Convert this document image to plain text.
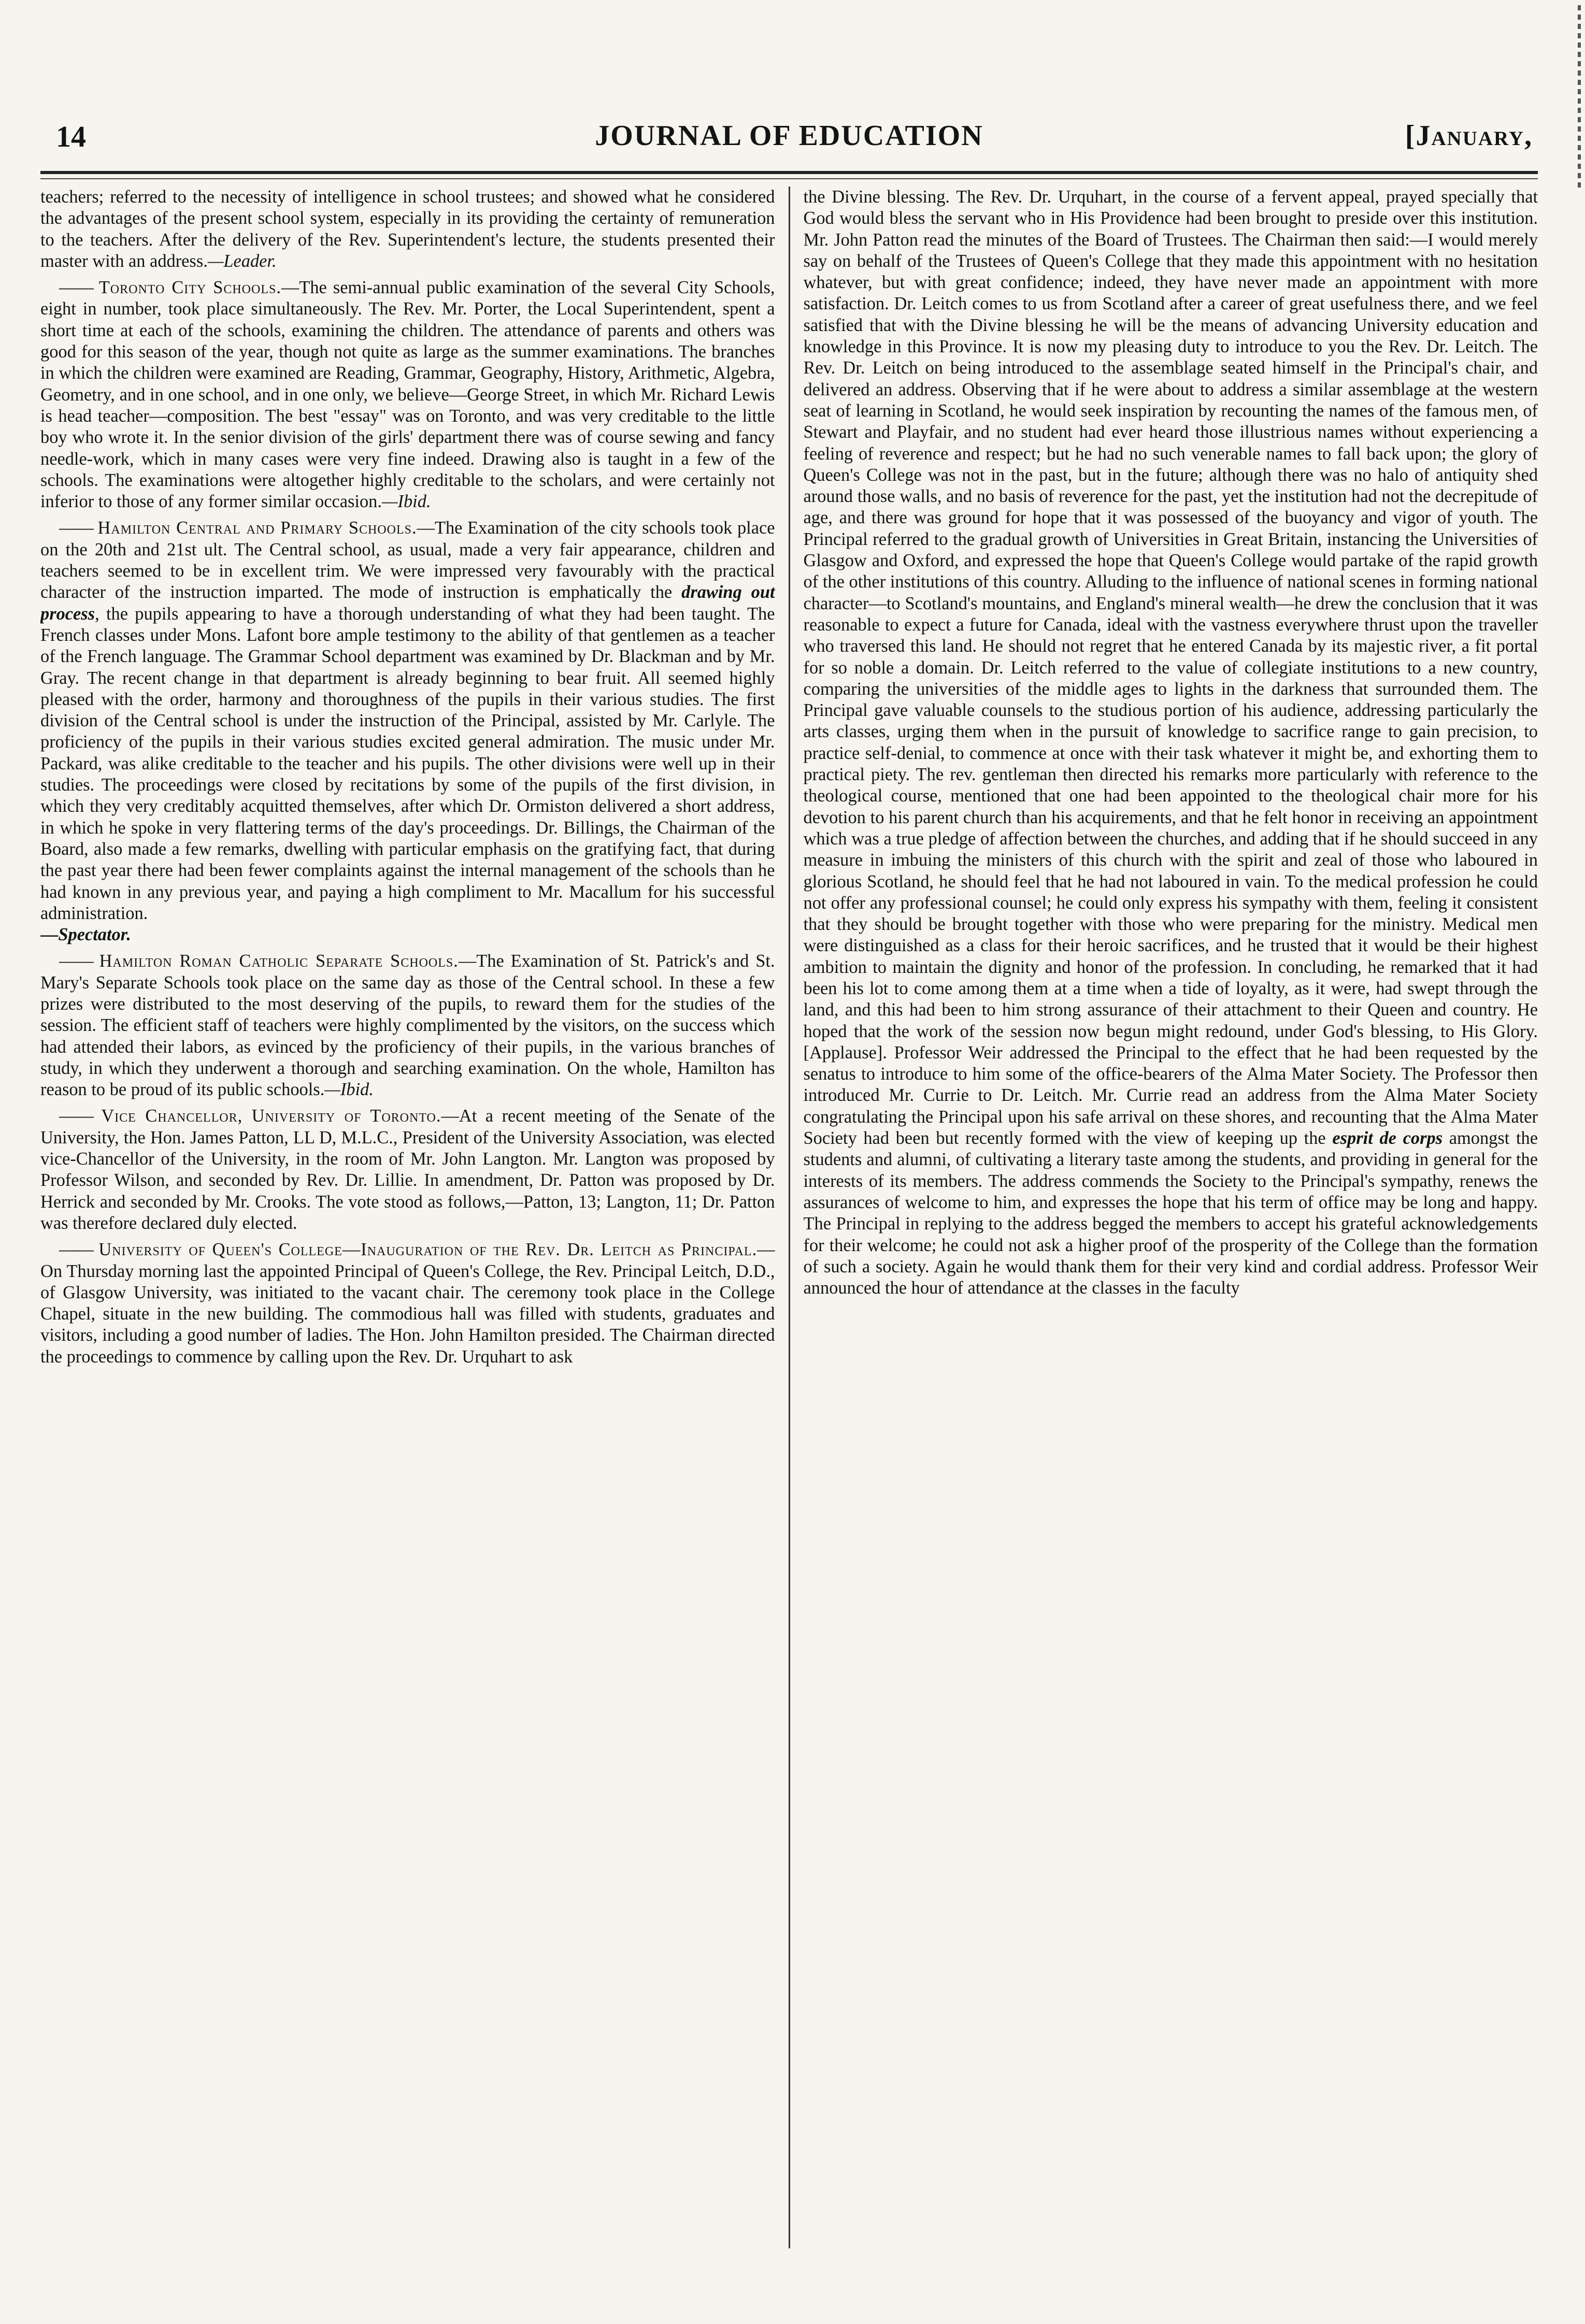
14	JOURNAL OF EDUCATION	[January,

teachers; referred to the necessity of intelligence in school trustees; and showed what he considered the advantages of the present school system, especially in its providing the certainty of remuneration to the teachers. After the delivery of the Rev. Superintendent's lecture, the students presented their master with an address.—Leader.

—— Toronto City Schools.—The semi-annual public examination of the several City Schools, eight in number, took place simultaneously. The Rev. Mr. Porter, the Local Superintendent, spent a short time at each of the schools, examining the children. The attendance of parents and others was good for this season of the year, though not quite as large as the summer examinations. The branches in which the children were examined are Reading, Grammar, Geography, History, Arithmetic, Algebra, Geometry, and in one school, and in one only, we believe—George Street, in which Mr. Richard Lewis is head teacher—composition. The best "essay" was on Toronto, and was very creditable to the little boy who wrote it. In the senior division of the girls' department there was of course sewing and fancy needle-work, which in many cases were very fine indeed. Drawing also is taught in a few of the schools. The examinations were altogether highly creditable to the scholars, and were certainly not inferior to those of any former similar occasion.—Ibid.

—— Hamilton Central and Primary Schools.—The Examination of the city schools took place on the 20th and 21st ult. The Central school, as usual, made a very fair appearance, children and teachers seemed to be in excellent trim. We were impressed very favourably with the practical character of the instruction imparted. The mode of instruction is emphatically the drawing out process, the pupils appearing to have a thorough understanding of what they had been taught. The French classes under Mons. Lafont bore ample testimony to the ability of that gentlemen as a teacher of the French language. The Grammar School department was examined by Dr. Blackman and by Mr. Gray. The recent change in that department is already beginning to bear fruit. All seemed highly pleased with the order, harmony and thoroughness of the pupils in their various studies. The first division of the Central school is under the instruction of the Principal, assisted by Mr. Carlyle. The proficiency of the pupils in their various studies excited general admiration. The music under Mr. Packard, was alike creditable to the teacher and his pupils. The other divisions were well up in their studies. The proceedings were closed by recitations by some of the pupils of the first division, in which they very creditably acquitted themselves, after which Dr. Ormiston delivered a short address, in which he spoke in very flattering terms of the day's proceedings. Dr. Billings, the Chairman of the Board, also made a few remarks, dwelling with particular emphasis on the gratifying fact, that during the past year there had been fewer complaints against the internal management of the schools than he had known in any previous year, and paying a high compliment to Mr. Macallum for his successful administration.
—Spectator.

—— Hamilton Roman Catholic Separate Schools.—The Examination of St. Patrick's and St. Mary's Separate Schools took place on the same day as those of the Central school. In these a few prizes were distributed to the most deserving of the pupils, to reward them for the studies of the session. The efficient staff of teachers were highly complimented by the visitors, on the success which had attended their labors, as evinced by the proficiency of their pupils, in the various branches of study, in which they underwent a thorough and searching examination. On the whole, Hamilton has reason to be proud of its public schools.—Ibid.

—— Vice Chancellor, University of Toronto.—At a recent meeting of the Senate of the University, the Hon. James Patton, LL D, M.L.C., President of the University Association, was elected vice-Chancellor of the University, in the room of Mr. John Langton. Mr. Langton was proposed by Professor Wilson, and seconded by Rev. Dr. Lillie. In amendment, Dr. Patton was proposed by Dr. Herrick and seconded by Mr. Crooks. The vote stood as follows,—Patton, 13; Langton, 11; Dr. Patton was therefore declared duly elected.

—— University of Queen's College—Inauguration of the Rev. Dr. Leitch as Principal.—On Thursday morning last the appointed Principal of Queen's College, the Rev. Principal Leitch, D.D., of Glasgow University, was initiated to the vacant chair. The ceremony took place in the College Chapel, situate in the new building. The commodious hall was filled with students, graduates and visitors, including a good number of ladies. The Hon. John Hamilton presided. The Chairman directed the proceedings to commence by calling upon the Rev. Dr. Urquhart to ask

the Divine blessing. The Rev. Dr. Urquhart, in the course of a fervent appeal, prayed specially that God would bless the servant who in His Providence had been brought to preside over this institution. Mr. John Patton read the minutes of the Board of Trustees. The Chairman then said:—I would merely say on behalf of the Trustees of Queen's College that they made this appointment with no hesitation whatever, but with great confidence; indeed, they have never made an appointment with more satisfaction. Dr. Leitch comes to us from Scotland after a career of great usefulness there, and we feel satisfied that with the Divine blessing he will be the means of advancing University education and knowledge in this Province. It is now my pleasing duty to introduce to you the Rev. Dr. Leitch. The Rev. Dr. Leitch on being introduced to the assemblage seated himself in the Principal's chair, and delivered an address. Observing that if he were about to address a similar assemblage at the western seat of learning in Scotland, he would seek inspiration by recounting the names of the famous men, of Stewart and Playfair, and no student had ever heard those illustrious names without experiencing a feeling of reverence and respect; but he had no such venerable names to fall back upon; the glory of Queen's College was not in the past, but in the future; although there was no halo of antiquity shed around those walls, and no basis of reverence for the past, yet the institution had not the decrepitude of age, and there was ground for hope that it was possessed of the buoyancy and vigor of youth. The Principal referred to the gradual growth of Universities in Great Britain, instancing the Universities of Glasgow and Oxford, and expressed the hope that Queen's College would partake of the rapid growth of the other institutions of this country. Alluding to the influence of national scenes in forming national character—to Scotland's mountains, and England's mineral wealth—he drew the conclusion that it was reasonable to expect a future for Canada, ideal with the vastness everywhere thrust upon the traveller who traversed this land. He should not regret that he entered Canada by its majestic river, a fit portal for so noble a domain. Dr. Leitch referred to the value of collegiate institutions to a new country, comparing the universities of the middle ages to lights in the darkness that surrounded them. The Principal gave valuable counsels to the studious portion of his audience, addressing particularly the arts classes, urging them when in the pursuit of knowledge to sacrifice range to gain precision, to practice self-denial, to commence at once with their task whatever it might be, and exhorting them to practical piety. The rev. gentleman then directed his remarks more particularly with reference to the theological course, mentioned that one had been appointed to the theological chair more for his devotion to his parent church than his acquirements, and that he felt honor in receiving an appointment which was a true pledge of affection between the churches, and adding that if he should succeed in any measure in imbuing the ministers of this church with the spirit and zeal of those who laboured in glorious Scotland, he should feel that he had not laboured in vain. To the medical profession he could not offer any professional counsel; he could only express his sympathy with them, feeling it consistent that they should be brought together with those who were preparing for the ministry. Medical men were distinguished as a class for their heroic sacrifices, and he trusted that it would be their highest ambition to maintain the dignity and honor of the profession. In concluding, he remarked that it had been his lot to come among them at a time when a tide of loyalty, as it were, had swept through the land, and this had been to him strong assurance of their attachment to their Queen and country. He hoped that the work of the session now begun might redound, under God's blessing, to His Glory. [Applause]. Professor Weir addressed the Principal to the effect that he had been requested by the senatus to introduce to him some of the office-bearers of the Alma Mater Society. The Professor then introduced Mr. Currie to Dr. Leitch. Mr. Currie read an address from the Alma Mater Society congratulating the Principal upon his safe arrival on these shores, and recounting that the Alma Mater Society had been but recently formed with the view of keeping up the esprit de corps amongst the students and alumni, of cultivating a literary taste among the students, and providing in general for the interests of its members. The address commends the Society to the Principal's sympathy, renews the assurances of welcome to him, and expresses the hope that his term of office may be long and happy. The Principal in replying to the address begged the members to accept his grateful acknowledgements for their welcome; he could not ask a higher proof of the prosperity of the College than the formation of such a society. Again he would thank them for their very kind and cordial address. Professor Weir announced the hour of attendance at the classes in the faculty
